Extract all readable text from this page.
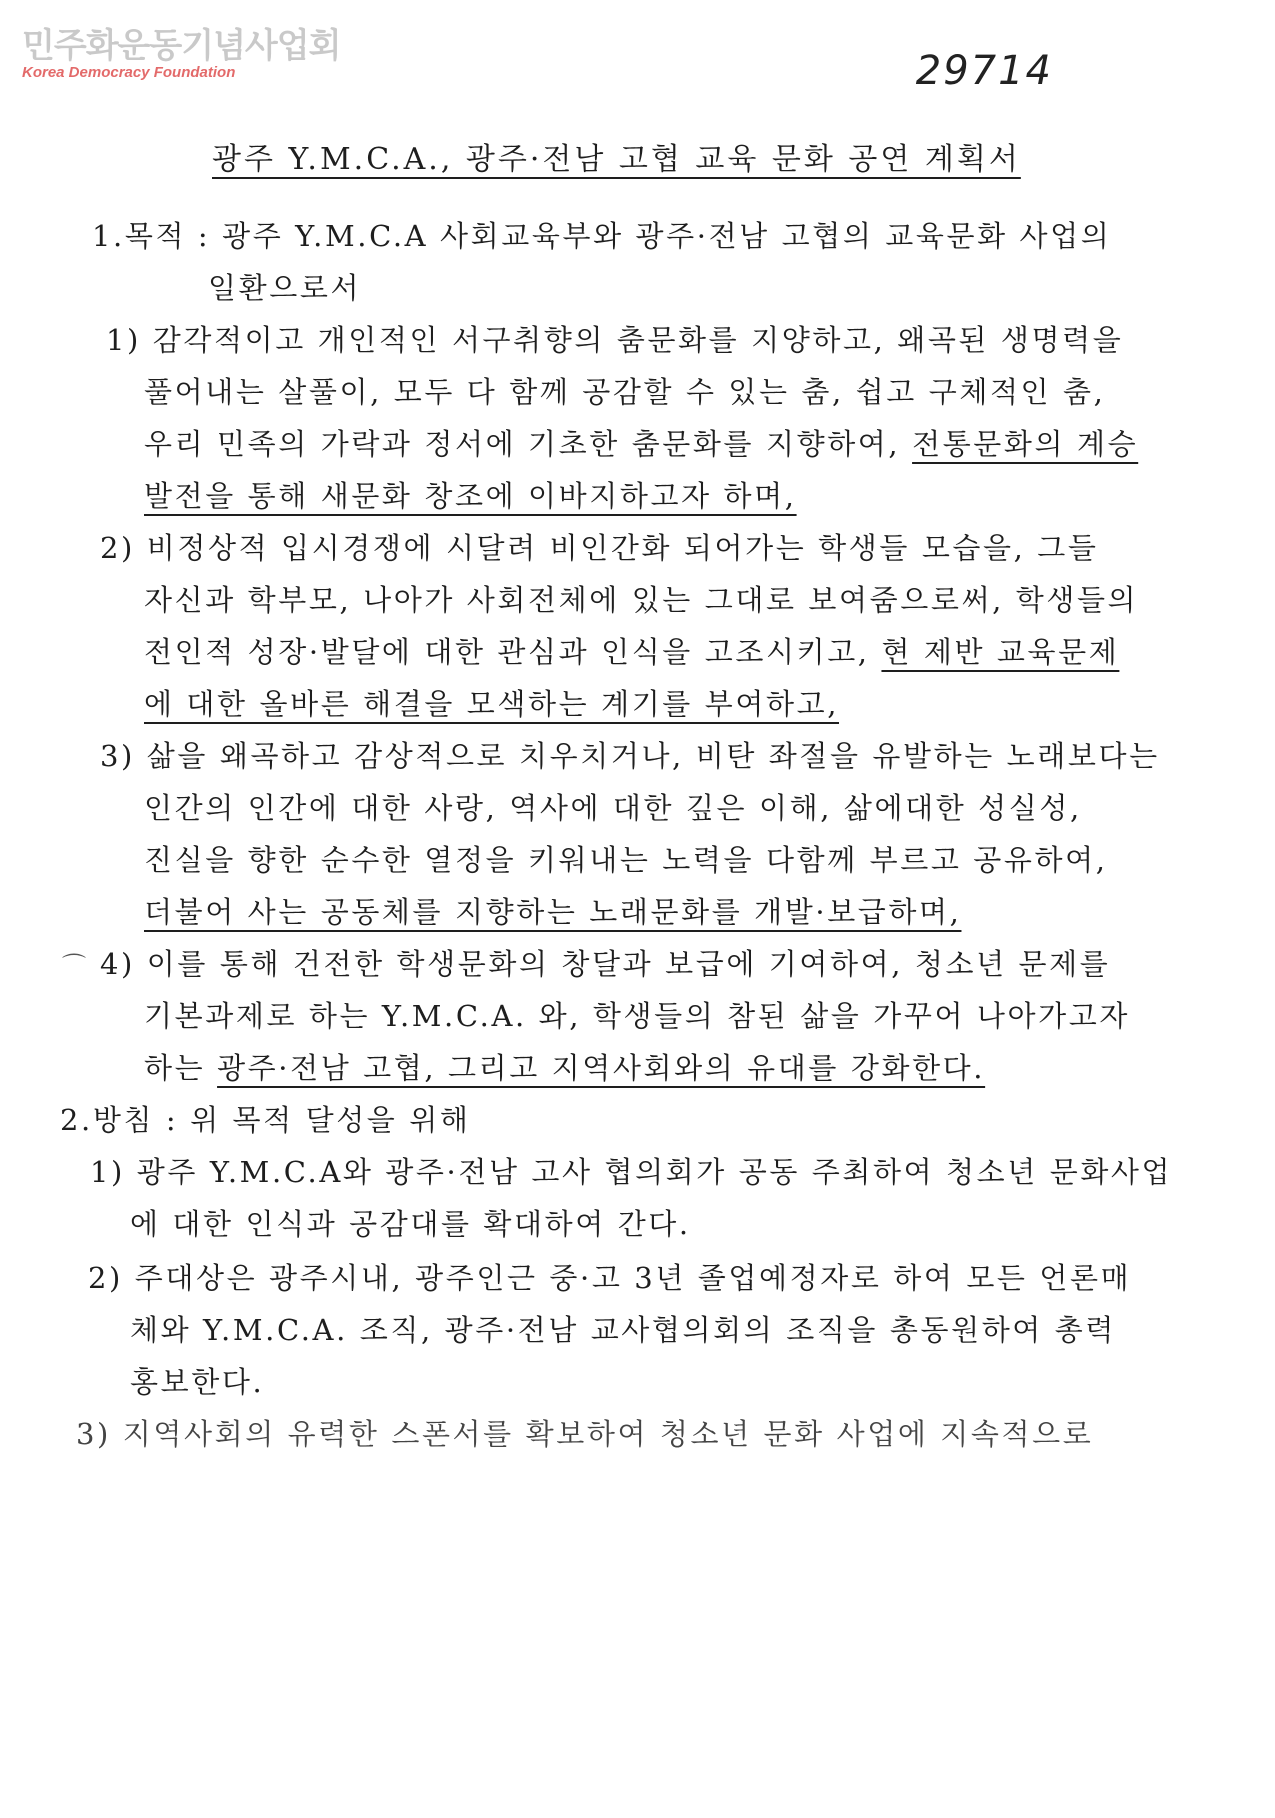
민주화운동기념사업회
Korea Democracy Foundation	29714
광주 Y.M.C.A., 광주·전남 고협 교육 문화 공연 계획서
1.목적 : 광주 Y.M.C.A 사회교육부와 광주·전남 고협의 교육문화 사업의
일환으로서
1) 감각적이고 개인적인 서구취향의 춤문화를 지양하고, 왜곡된 생명력을
풀어내는 살풀이, 모두 다 함께 공감할 수 있는 춤, 쉽고 구체적인 춤,
우리 민족의 가락과 정서에 기초한 춤문화를 지향하여, 전통문화의 계승
발전을 통해 새문화 창조에 이바지하고자 하며,
2) 비정상적 입시경쟁에 시달려 비인간화 되어가는 학생들 모습을, 그들
자신과 학부모, 나아가 사회전체에 있는 그대로 보여줌으로써, 학생들의
전인적 성장·발달에 대한 관심과 인식을 고조시키고, 현 제반 교육문제
에 대한 올바른 해결을 모색하는 계기를 부여하고,
3) 삶을 왜곡하고 감상적으로 치우치거나, 비탄 좌절을 유발하는 노래보다는
인간의 인간에 대한 사랑, 역사에 대한 깊은 이해, 삶에대한 성실성,
진실을 향한 순수한 열정을 키워내는 노력을 다함께 부르고 공유하여,
더불어 사는 공동체를 지향하는 노래문화를 개발·보급하며,
⌒ 4) 이를 통해 건전한 학생문화의 창달과 보급에 기여하여, 청소년 문제를
기본과제로 하는 Y.M.C.A. 와, 학생들의 참된 삶을 가꾸어 나아가고자
하는 광주·전남 고협, 그리고 지역사회와의 유대를 강화한다.
2.방침 : 위 목적 달성을 위해
1) 광주 Y.M.C.A와 광주·전남 고사 협의회가 공동 주최하여 청소년 문화사업
에 대한 인식과 공감대를 확대하여 간다.
2) 주대상은 광주시내, 광주인근 중·고 3년 졸업예정자로 하여 모든 언론매
체와 Y.M.C.A. 조직, 광주·전남 교사협의회의 조직을 총동원하여 총력
홍보한다.
3) 지역사회의 유력한 스폰서를 확보하여 청소년 문화 사업에 지속적으로
